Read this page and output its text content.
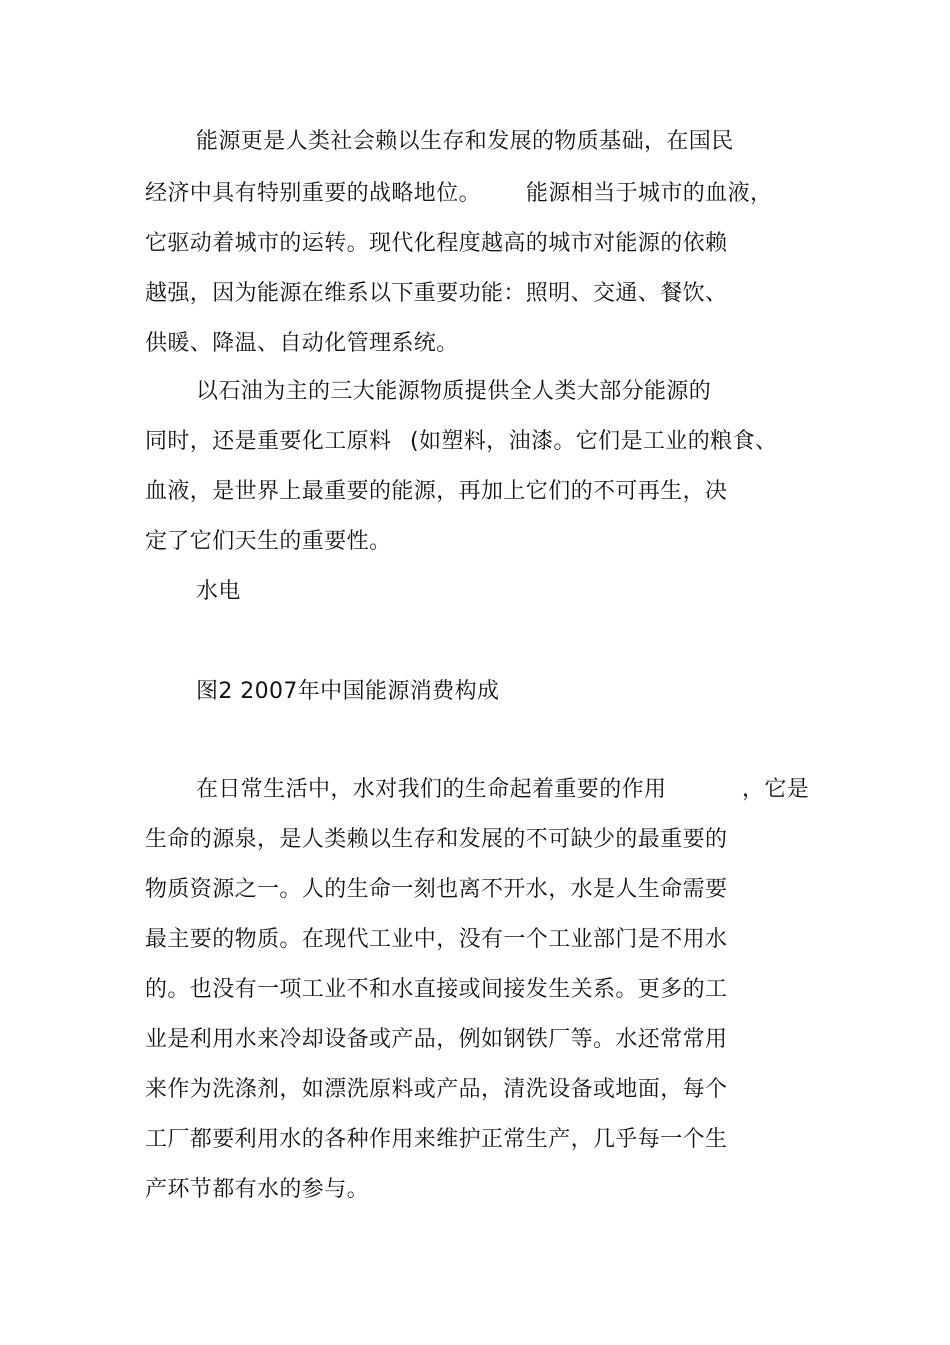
能源更是人类社会赖以生存和发展的物质基础，在国民
经济中具有特别重要的战略地位。 能源相当于城市的血液，
它驱动着城市的运转。现代化程度越高的城市对能源的依赖
越强，因为能源在维系以下重要功能：照明、交通、餐饮、
供暖、降温、自动化管理系统。
以石油为主的三大能源物质提供全人类大部分能源的
同时，还是重要化工原料 (如塑料，油漆。它们是工业的粮食、
血液，是世界上最重要的能源，再加上它们的不可再生，决
定了它们天生的重要性。
水电
图2 2007年中国能源消费构成
在日常生活中，水对我们的生命起着重要的作用	，它是
生命的源泉，是人类赖以生存和发展的不可缺少的最重要的
物质资源之一。人的生命一刻也离不开水，水是人生命需要
最主要的物质。在现代工业中，没有一个工业部门是不用水
的。也没有一项工业不和水直接或间接发生关系。更多的工
业是利用水来冷却设备或产品，例如钢铁厂等。水还常常用
来作为洗涤剂，如漂洗原料或产品，清洗设备或地面，每个
工厂都要利用水的各种作用来维护正常生产，几乎每一个生
产环节都有水的参与。
